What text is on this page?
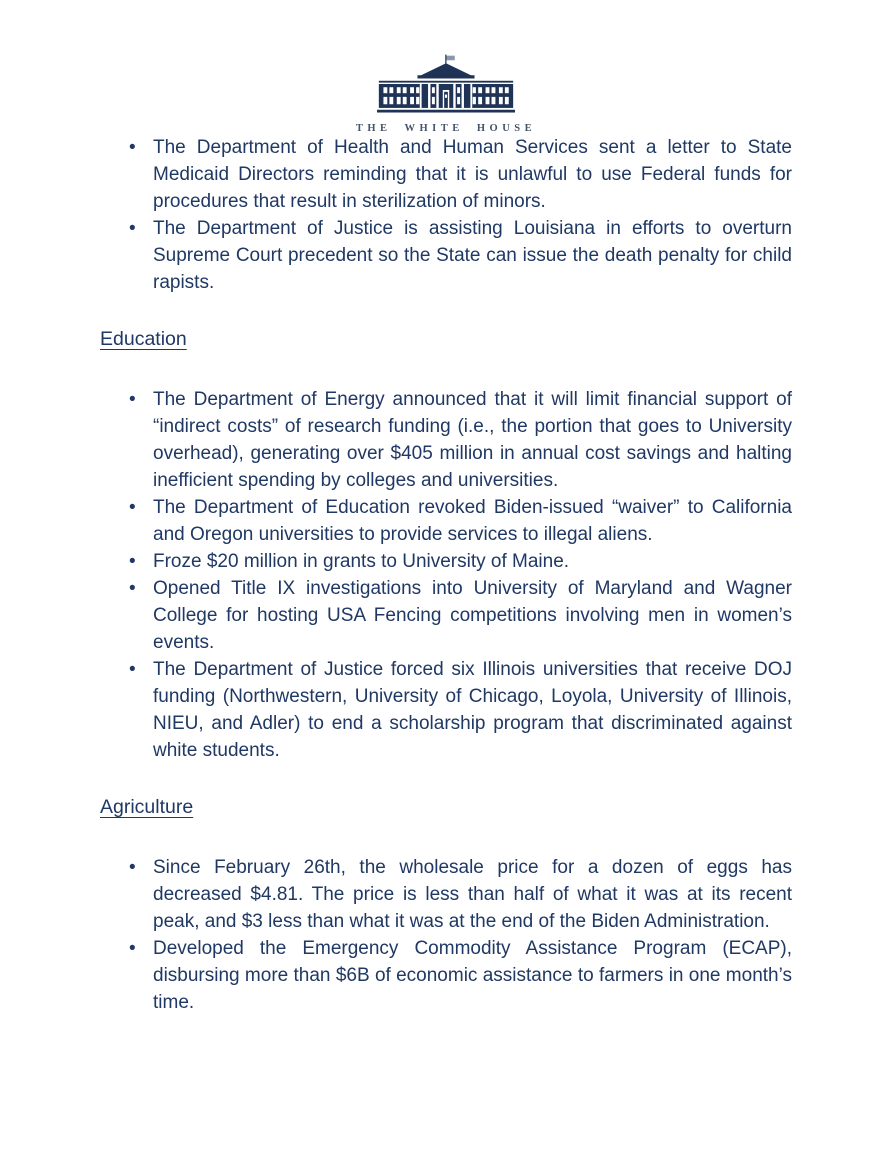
THE WHITE HOUSE
• The Department of Health and Human Services sent a letter to State Medicaid Directors reminding that it is unlawful to use Federal funds for procedures that result in sterilization of minors.
• The Department of Justice is assisting Louisiana in efforts to overturn Supreme Court precedent so the State can issue the death penalty for child rapists.
Education
• The Department of Energy announced that it will limit financial support of “indirect costs” of research funding (i.e., the portion that goes to University overhead), generating over $405 million in annual cost savings and halting inefficient spending by colleges and universities.
• The Department of Education revoked Biden-issued “waiver” to California and Oregon universities to provide services to illegal aliens.
• Froze $20 million in grants to University of Maine.
• Opened Title IX investigations into University of Maryland and Wagner College for hosting USA Fencing competitions involving men in women’s events.
• The Department of Justice forced six Illinois universities that receive DOJ funding (Northwestern, University of Chicago, Loyola, University of Illinois, NIEU, and Adler) to end a scholarship program that discriminated against white students.
Agriculture
• Since February 26th, the wholesale price for a dozen of eggs has decreased $4.81. The price is less than half of what it was at its recent peak, and $3 less than what it was at the end of the Biden Administration.
• Developed the Emergency Commodity Assistance Program (ECAP), disbursing more than $6B of economic assistance to farmers in one month’s time.
